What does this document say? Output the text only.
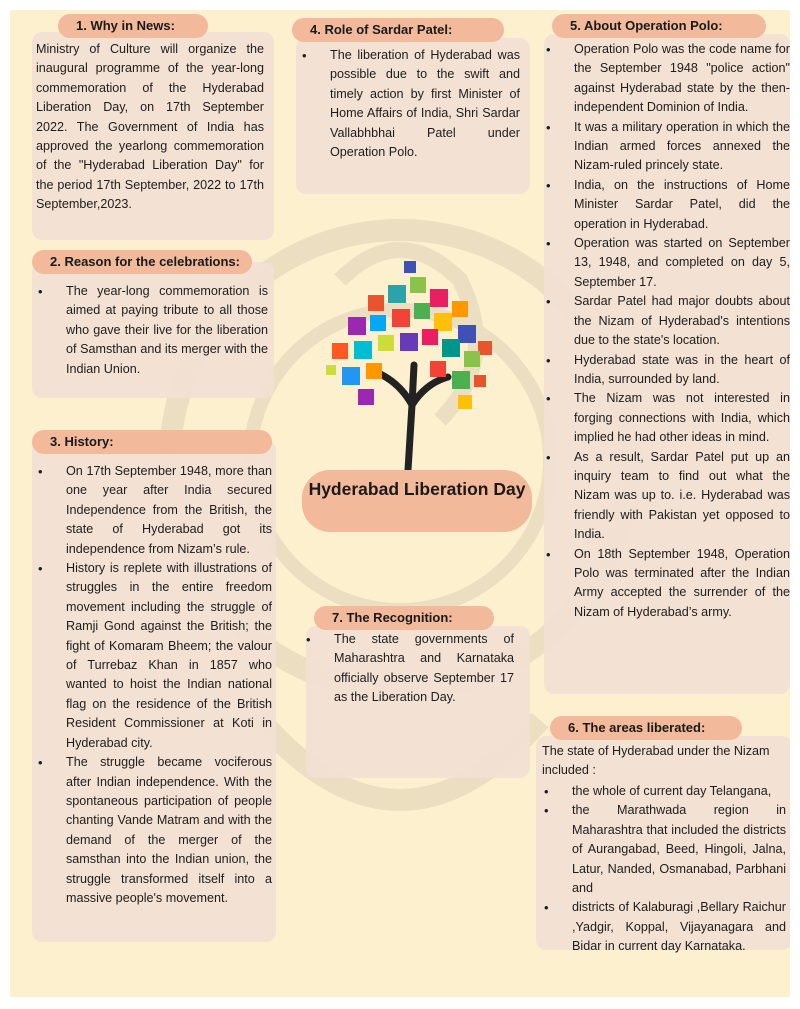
1. Why in News:
Ministry of Culture will organize the inaugural programme of the year-long commemoration of the Hyderabad Liberation Day, on 17th September 2022. The Government of India has approved the yearlong commemoration of the "Hyderabad Liberation Day" for the period 17th September, 2022 to 17th September,2023.
2. Reason for the celebrations:
• The year-long commemoration is aimed at paying tribute to all those who gave their live for the liberation of Samsthan and its merger with the Indian Union.
3. History:
• On 17th September 1948, more than one year after India secured Independence from the British, the state of Hyderabad got its independence from Nizam’s rule.
• History is replete with illustrations of struggles in the entire freedom movement including the struggle of Ramji Gond against the British; the fight of Komaram Bheem; the valour of Turrebaz Khan in 1857 who wanted to hoist the Indian national flag on the residence of the British Resident Commissioner at Koti in Hyderabad city.
• The struggle became vociferous after Indian independence. With the spontaneous participation of people chanting Vande Matram and with the demand of the merger of the samsthan into the Indian union, the struggle transformed itself into a massive people's movement.
4. Role of Sardar Patel:
• The liberation of Hyderabad was possible due to the swift and timely action by first Minister of Home Affairs of India, Shri Sardar Vallabhbhai Patel under Operation Polo.
Hyderabad Liberation Day
7. The Recognition:
• The state governments of Maharashtra and Karnataka officially observe September 17 as the Liberation Day.
5. About Operation Polo:
• Operation Polo was the code name for the September 1948 "police action" against Hyderabad state by the then-independent Dominion of India.
• It was a military operation in which the Indian armed forces annexed the Nizam-ruled princely state.
• India, on the instructions of Home Minister Sardar Patel, did the operation in Hyderabad.
• Operation was started on September 13, 1948, and completed on day 5, September 17.
• Sardar Patel had major doubts about the Nizam of Hyderabad's intentions due to the state's location.
• Hyderabad state was in the heart of India, surrounded by land.
• The Nizam was not interested in forging connections with India, which implied he had other ideas in mind.
• As a result, Sardar Patel put up an inquiry team to find out what the Nizam was up to. i.e. Hyderabad was friendly with Pakistan yet opposed to India.
• On 18th September 1948, Operation Polo was terminated after the Indian Army accepted the surrender of the Nizam of Hyderabad’s army.
6. The areas liberated:
The state of Hyderabad under the Nizam included :
• the whole of current day Telangana,
• the Marathwada region in Maharashtra that included the districts of Aurangabad, Beed, Hingoli, Jalna, Latur, Nanded, Osmanabad, Parbhani and
• districts of Kalaburagi ,Bellary Raichur ,Yadgir, Koppal, Vijayanagara and Bidar in current day Karnataka.
